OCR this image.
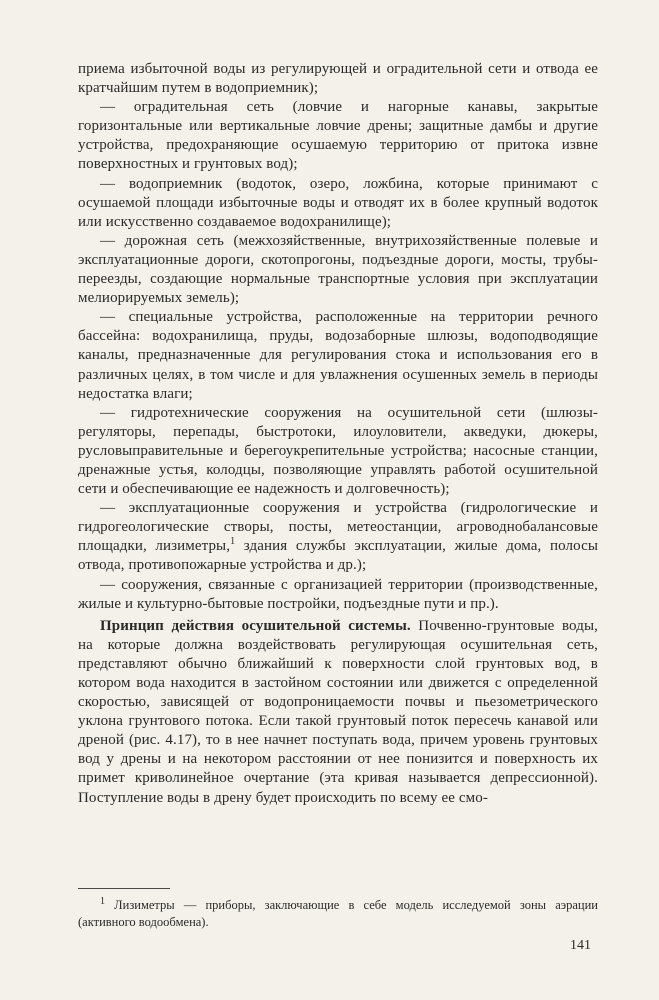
приема избыточной воды из регулирующей и оградительной сети и отвода ее кратчайшим путем в водоприемник);

— оградительная сеть (ловчие и нагорные канавы, закрытые горизонтальные или вертикальные ловчие дрены; защитные дамбы и другие устройства, предохраняющие осушаемую территорию от притока извне поверхностных и грунтовых вод);

— водоприемник (водоток, озеро, ложбина, которые принимают с осушаемой площади избыточные воды и отводят их в более крупный водоток или искусственно создаваемое водохранилище);

— дорожная сеть (межхозяйственные, внутрихозяйственные полевые и эксплуатационные дороги, скотопрогоны, подъездные дороги, мосты, трубы-переезды, создающие нормальные транспортные условия при эксплуатации мелиорируемых земель);

— специальные устройства, расположенные на территории речного бассейна: водохранилища, пруды, водозаборные шлюзы, водоподводящие каналы, предназначенные для регулирования стока и использования его в различных целях, в том числе и для увлажнения осушенных земель в периоды недостатка влаги;

— гидротехнические сооружения на осушительной сети (шлюзы-регуляторы, перепады, быстротоки, илоуловители, акведуки, дюкеры, русловыправительные и берегоукрепительные устройства; насосные станции, дренажные устья, колодцы, позволяющие управлять работой осушительной сети и обеспечивающие ее надежность и долговечность);

— эксплуатационные сооружения и устройства (гидрологические и гидрогеологические створы, посты, метеостанции, агроводнобалансовые площадки, лизиметры,$^1$ здания службы эксплуатации, жилые дома, полосы отвода, противопожарные устройства и др.);

— сооружения, связанные с организацией территории (производственные, жилые и культурно-бытовые постройки, подъездные пути и пр.).

Принцип действия осушительной системы. Почвенно-грунтовые воды, на которые должна воздействовать регулирующая осушительная сеть, представляют обычно ближайший к поверхности слой грунтовых вод, в котором вода находится в застойном состоянии или движется с определенной скоростью, зависящей от водопроницаемости почвы и пьезометрического уклона грунтового потока. Если такой грунтовый поток пересечь канавой или дреной (рис. 4.17), то в нее начнет поступать вода, причем уровень грунтовых вод у дрены и на некотором расстоянии от нее понизится и поверхность их примет криволинейное очертание (эта кривая называется депрессионной). Поступление воды в дрену будет происходить по всему ее смо-

$^1$ Лизиметры — приборы, заключающие в себе модель исследуемой зоны аэрации (активного водообмена).

141
